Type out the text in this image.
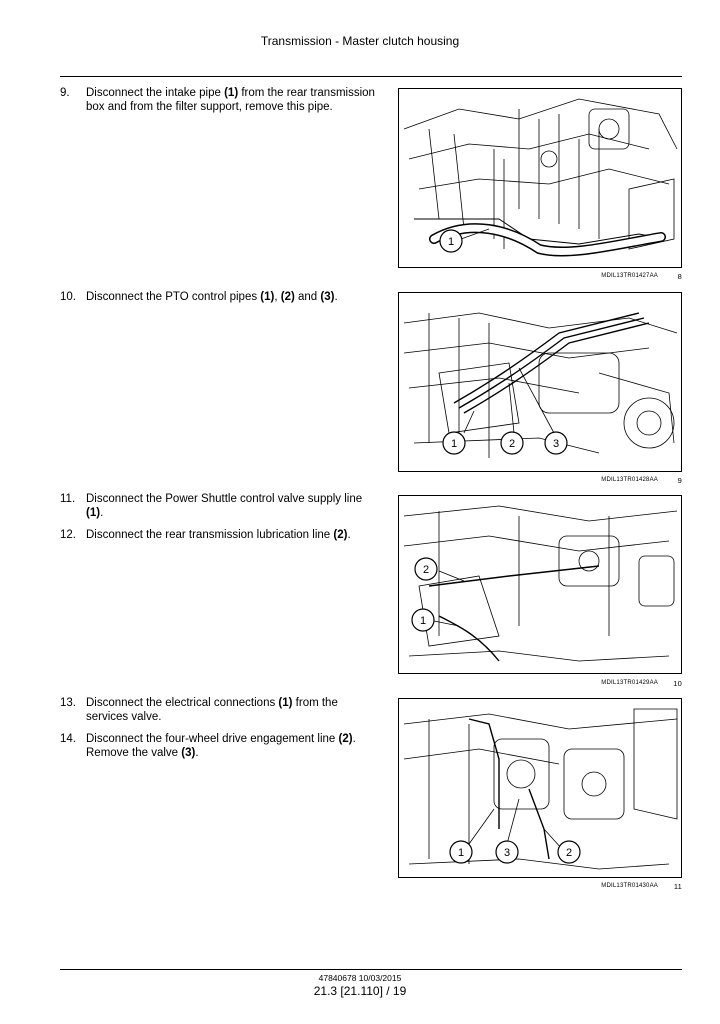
Transmission - Master clutch housing
9.	Disconnect the intake pipe (1) from the rear transmission box and from the filter support, remove this pipe.
10. Disconnect the PTO control pipes (1), (2) and (3).
11. Disconnect the Power Shuttle control valve supply line (1).
12. Disconnect the rear transmission lubrication line (2).
13. Disconnect the electrical connections (1) from the services valve.
14. Disconnect the four-wheel drive engagement line (2). Remove the valve (3).
1
MDIL13TR01427AA	8
1	2	3
MDIL13TR01428AA	9
2
1
MDIL13TR01429AA 10
1	3	2
MDIL13TR01430AA 11
47840678 10/03/2015
21.3 [21.110] / 19
